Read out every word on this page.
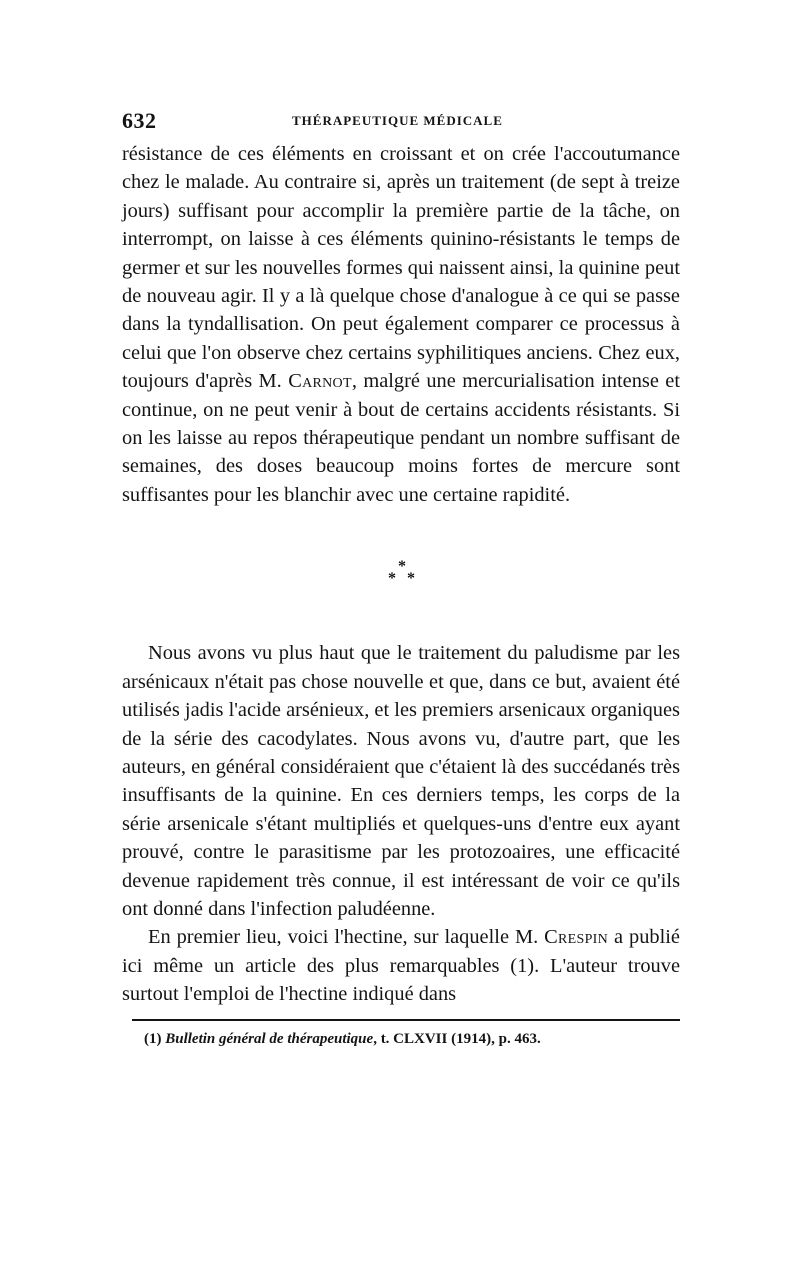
632	THÉRAPEUTIQUE MÉDICALE

résistance de ces éléments en croissant et on crée l'accoutumance chez le malade. Au contraire si, après un traitement (de sept à treize jours) suffisant pour accomplir la première partie de la tâche, on interrompt, on laisse à ces éléments quinino-résistants le temps de germer et sur les nouvelles formes qui naissent ainsi, la quinine peut de nouveau agir. Il y a là quelque chose d'analogue à ce qui se passe dans la tyndallisation. On peut également comparer ce processus à celui que l'on observe chez certains syphilitiques anciens. Chez eux, toujours d'après M. Carnot, malgré une mercurialisation intense et continue, on ne peut venir à bout de certains accidents résistants. Si on les laisse au repos thérapeutique pendant un nombre suffisant de semaines, des doses beaucoup moins fortes de mercure sont suffisantes pour les blanchir avec une certaine rapidité.

*
* *

Nous avons vu plus haut que le traitement du paludisme par les arsénicaux n'était pas chose nouvelle et que, dans ce but, avaient été utilisés jadis l'acide arsénieux, et les premiers arsenicaux organiques de la série des cacodylates. Nous avons vu, d'autre part, que les auteurs, en général considéraient que c'étaient là des succédanés très insuffisants de la quinine. En ces derniers temps, les corps de la série arsenicale s'étant multipliés et quelques-uns d'entre eux ayant prouvé, contre le parasitisme par les protozoaires, une efficacité devenue rapidement très connue, il est intéressant de voir ce qu'ils ont donné dans l'infection paludéenne.

En premier lieu, voici l'hectine, sur laquelle M. Crespin a publié ici même un article des plus remarquables (1). L'auteur trouve surtout l'emploi de l'hectine indiqué dans

(1) Bulletin général de thérapeutique, t. CLXVII (1914), p. 463.
